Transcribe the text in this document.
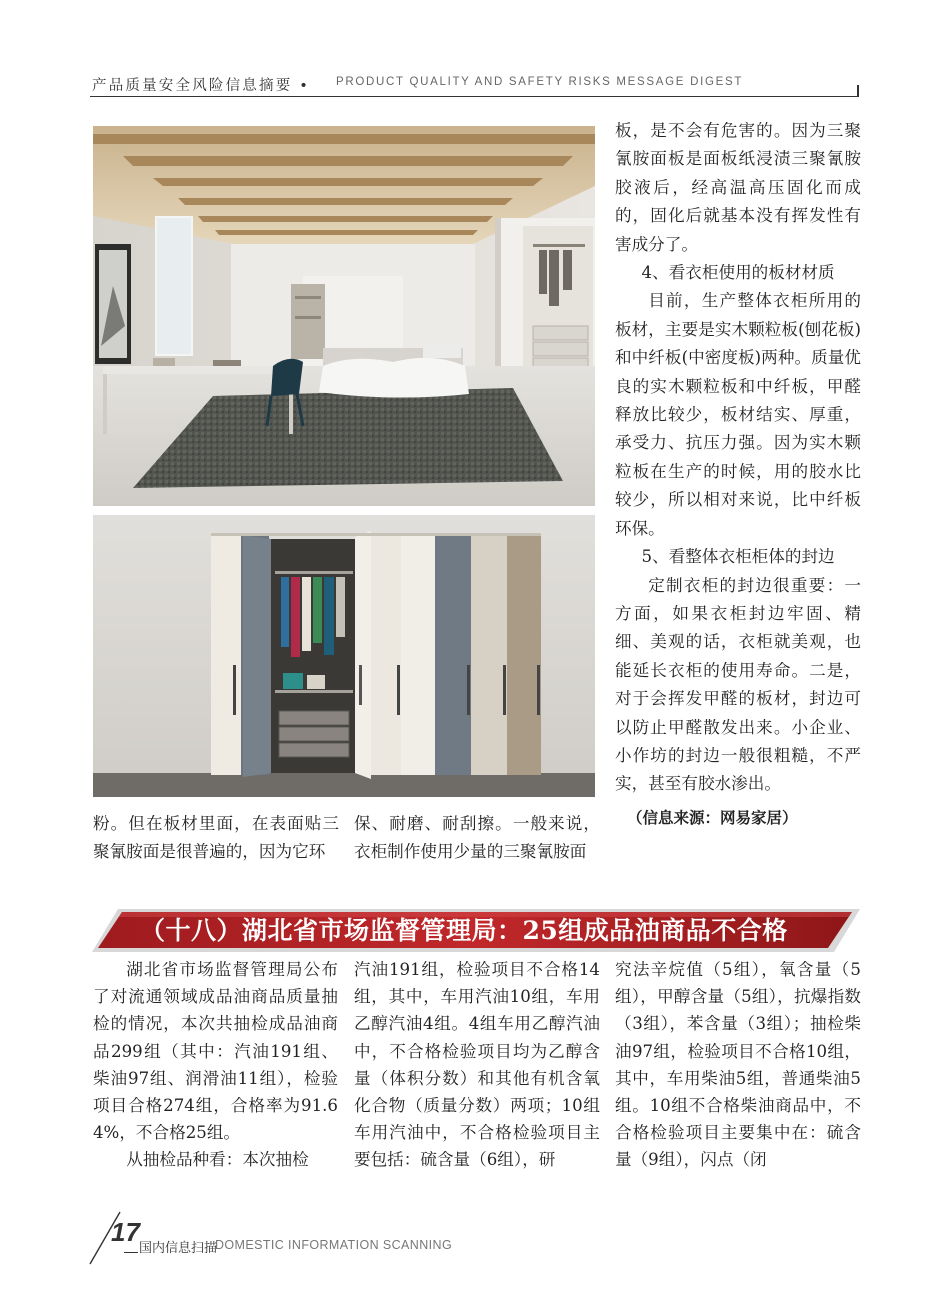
产品质量安全风险信息摘要 • PRODUCT QUALITY AND SAFETY RISKS MESSAGE DIGEST

板，是不会有危害的。因为三聚氰胺面板是面板纸浸渍三聚氰胺胶液后，经高温高压固化而成的，固化后就基本没有挥发性有害成分了。

4、看衣柜使用的板材材质

目前，生产整体衣柜所用的板材，主要是实木颗粒板(刨花板)和中纤板(中密度板)两种。质量优良的实木颗粒板和中纤板，甲醛释放比较少，板材结实、厚重，承受力、抗压力强。因为实木颗粒板在生产的时候，用的胶水比较少，所以相对来说，比中纤板环保。

5、看整体衣柜柜体的封边

定制衣柜的封边很重要：一方面，如果衣柜封边牢固、精细、美观的话，衣柜就美观，也能延长衣柜的使用寿命。二是，对于会挥发甲醛的板材，封边可以防止甲醛散发出来。小企业、小作坊的封边一般很粗糙，不严实，甚至有胶水渗出。

（信息来源：网易家居）
粉。但在板材里面，在表面贴三聚氰胺面是很普遍的，因为它环
保、耐磨、耐刮擦。一般来说，衣柜制作使用少量的三聚氰胺面
（十八）湖北省市场监督管理局：25组成品油商品不合格

湖北省市场监督管理局公布了对流通领域成品油商品质量抽检的情况，本次共抽检成品油商品299组（其中：汽油191组、柴油97组、润滑油11组），检验项目合格274组，合格率为91.64%，不合格25组。

从抽检品种看：本次抽检

汽油191组，检验项目不合格14组，其中，车用汽油10组，车用乙醇汽油4组。4组车用乙醇汽油中，不合格检验项目均为乙醇含量（体积分数）和其他有机含氧化合物（质量分数）两项；10组车用汽油中，不合格检验项目主要包括：硫含量（6组），研
究法辛烷值（5组），氧含量（5组），甲醇含量（5组），抗爆指数（3组），苯含量（3组）；抽检柴油97组，检验项目不合格10组，其中，车用柴油5组，普通柴油5组。10组不合格柴油商品中，不合格检验项目主要集中在：硫含量（9组），闪点（闭
17
国内信息扫描
DOMESTIC INFORMATION SCANNING
